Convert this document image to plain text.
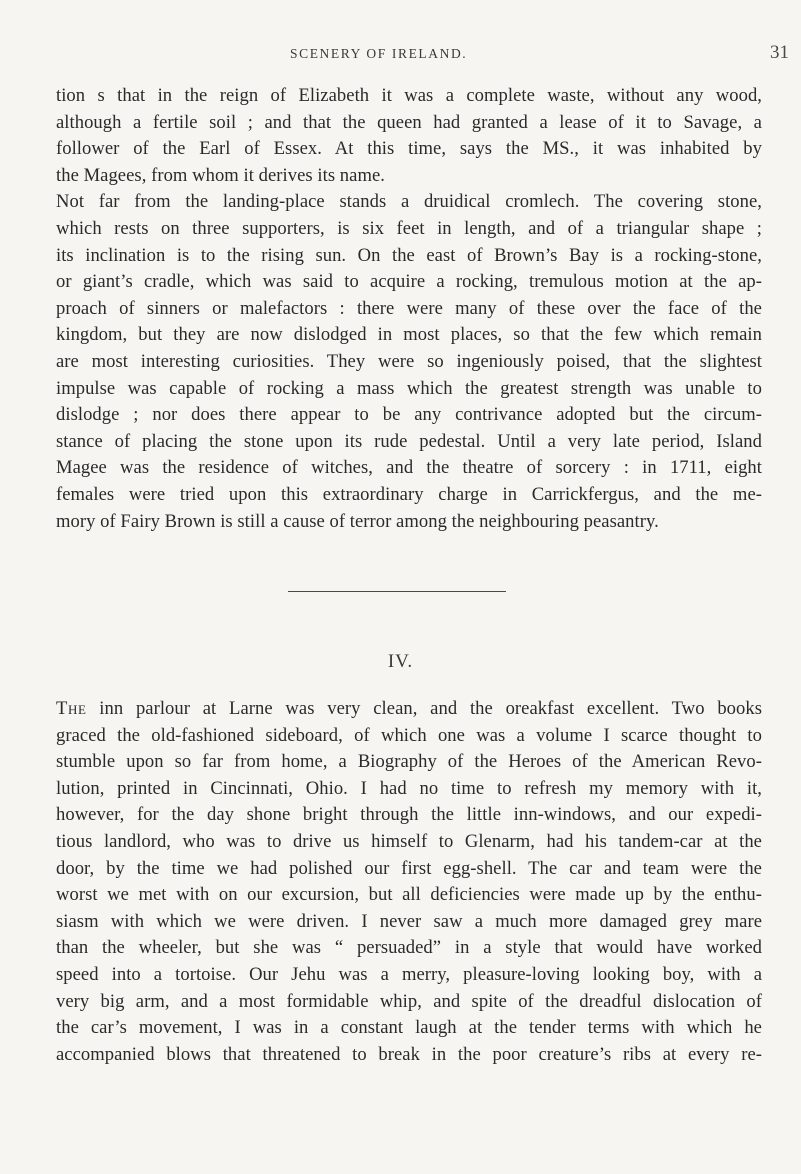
SCENERY OF IRELAND.	31
tion s that in the reign of Elizabeth it was a complete waste, without any wood,
although a fertile soil ; and that the queen had granted a lease of it to Savage, a
follower of the Earl of Essex. At this time, says the MS., it was inhabited by
the Magees, from whom it derives its name.
Not far from the landing-place stands a druidical cromlech. The covering stone,
which rests on three supporters, is six feet in length, and of a triangular shape ;
its inclination is to the rising sun. On the east of Brown’s Bay is a rocking-stone,
or giant’s cradle, which was said to acquire a rocking, tremulous motion at the ap-
proach of sinners or malefactors : there were many of these over the face of the
kingdom, but they are now dislodged in most places, so that the few which remain
are most interesting curiosities. They were so ingeniously poised, that the slightest
impulse was capable of rocking a mass which the greatest strength was unable to
dislodge ; nor does there appear to be any contrivance adopted but the circum-
stance of placing the stone upon its rude pedestal. Until a very late period, Island
Magee was the residence of witches, and the theatre of sorcery : in 1711, eight
females were tried upon this extraordinary charge in Carrickfergus, and the me-
mory of Fairy Brown is still a cause of terror among the neighbouring peasantry.
IV.
The inn parlour at Larne was very clean, and the oreakfast excellent. Two books
graced the old-fashioned sideboard, of which one was a volume I scarce thought to
stumble upon so far from home, a Biography of the Heroes of the American Revo-
lution, printed in Cincinnati, Ohio. I had no time to refresh my memory with it,
however, for the day shone bright through the little inn-windows, and our expedi-
tious landlord, who was to drive us himself to Glenarm, had his tandem-car at the
door, by the time we had polished our first egg-shell. The car and team were the
worst we met with on our excursion, but all deficiencies were made up by the enthu-
siasm with which we were driven. I never saw a much more damaged grey mare
than the wheeler, but she was “ persuaded” in a style that would have worked
speed into a tortoise. Our Jehu was a merry, pleasure-loving looking boy, with a
very big arm, and a most formidable whip, and spite of the dreadful dislocation of
the car’s movement, I was in a constant laugh at the tender terms with which he
accompanied blows that threatened to break in the poor creature’s ribs at every re-
